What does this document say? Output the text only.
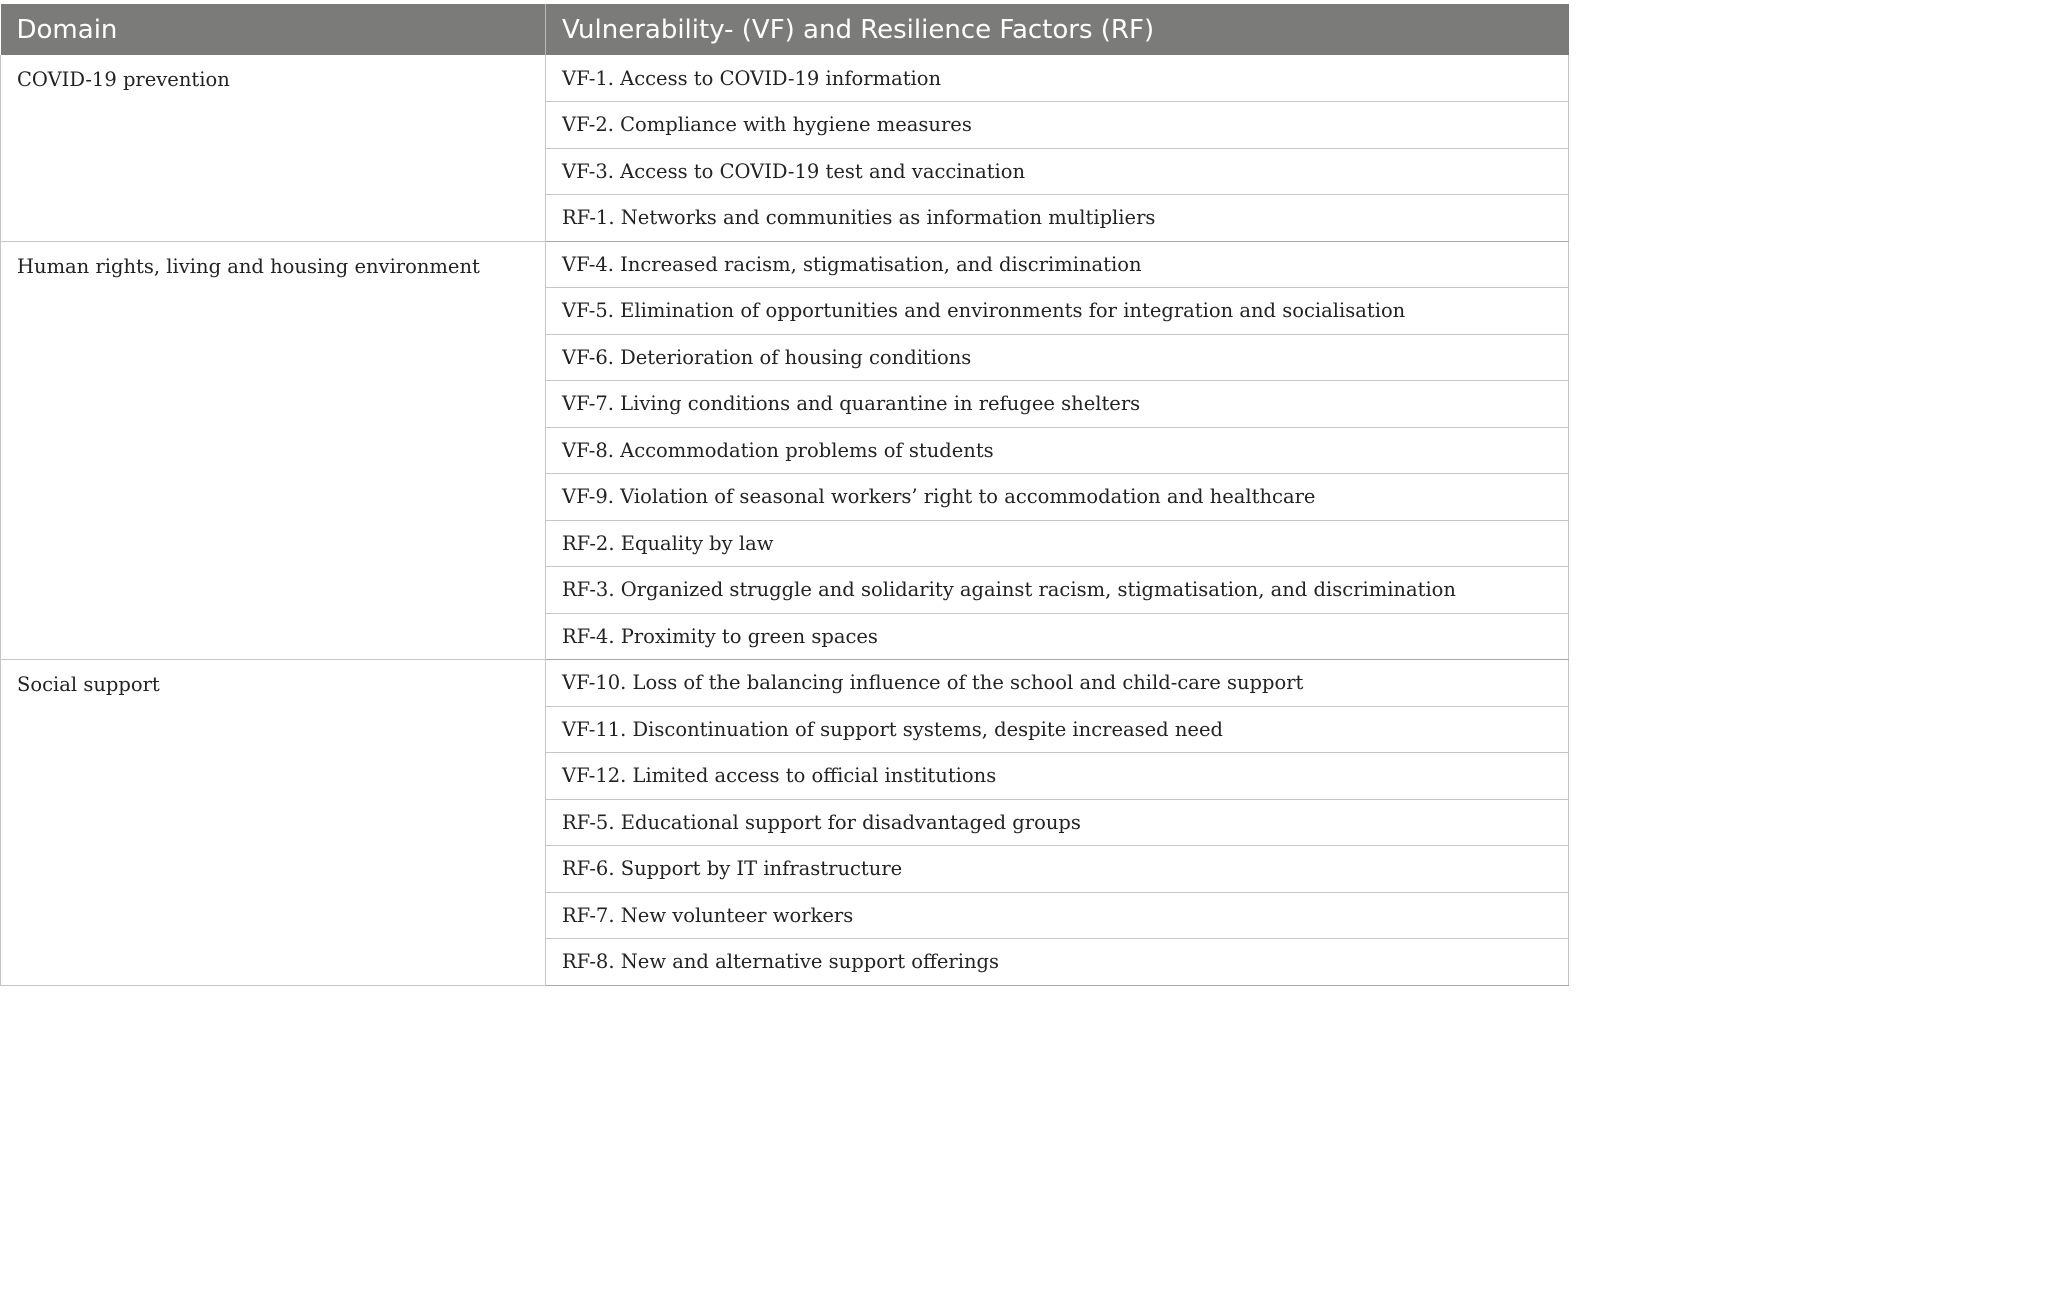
Domain	Vulnerability- (VF) and Resilience Factors (RF)
COVID-19 prevention	VF-1. Access to COVID-19 information
	VF-2. Compliance with hygiene measures
	VF-3. Access to COVID-19 test and vaccination
	RF-1. Networks and communities as information multipliers
Human rights, living and housing environment	VF-4. Increased racism, stigmatisation, and discrimination
	VF-5. Elimination of opportunities and environments for integration and socialisation
	VF-6. Deterioration of housing conditions
	VF-7. Living conditions and quarantine in refugee shelters
	VF-8. Accommodation problems of students
	VF-9. Violation of seasonal workers’ right to accommodation and healthcare
	RF-2. Equality by law
	RF-3. Organized struggle and solidarity against racism, stigmatisation, and discrimination
	RF-4. Proximity to green spaces
Social support	VF-10. Loss of the balancing influence of the school and child-care support
	VF-11. Discontinuation of support systems, despite increased need
	VF-12. Limited access to official institutions
	RF-5. Educational support for disadvantaged groups
	RF-6. Support by IT infrastructure
	RF-7. New volunteer workers
	RF-8. New and alternative support offerings
